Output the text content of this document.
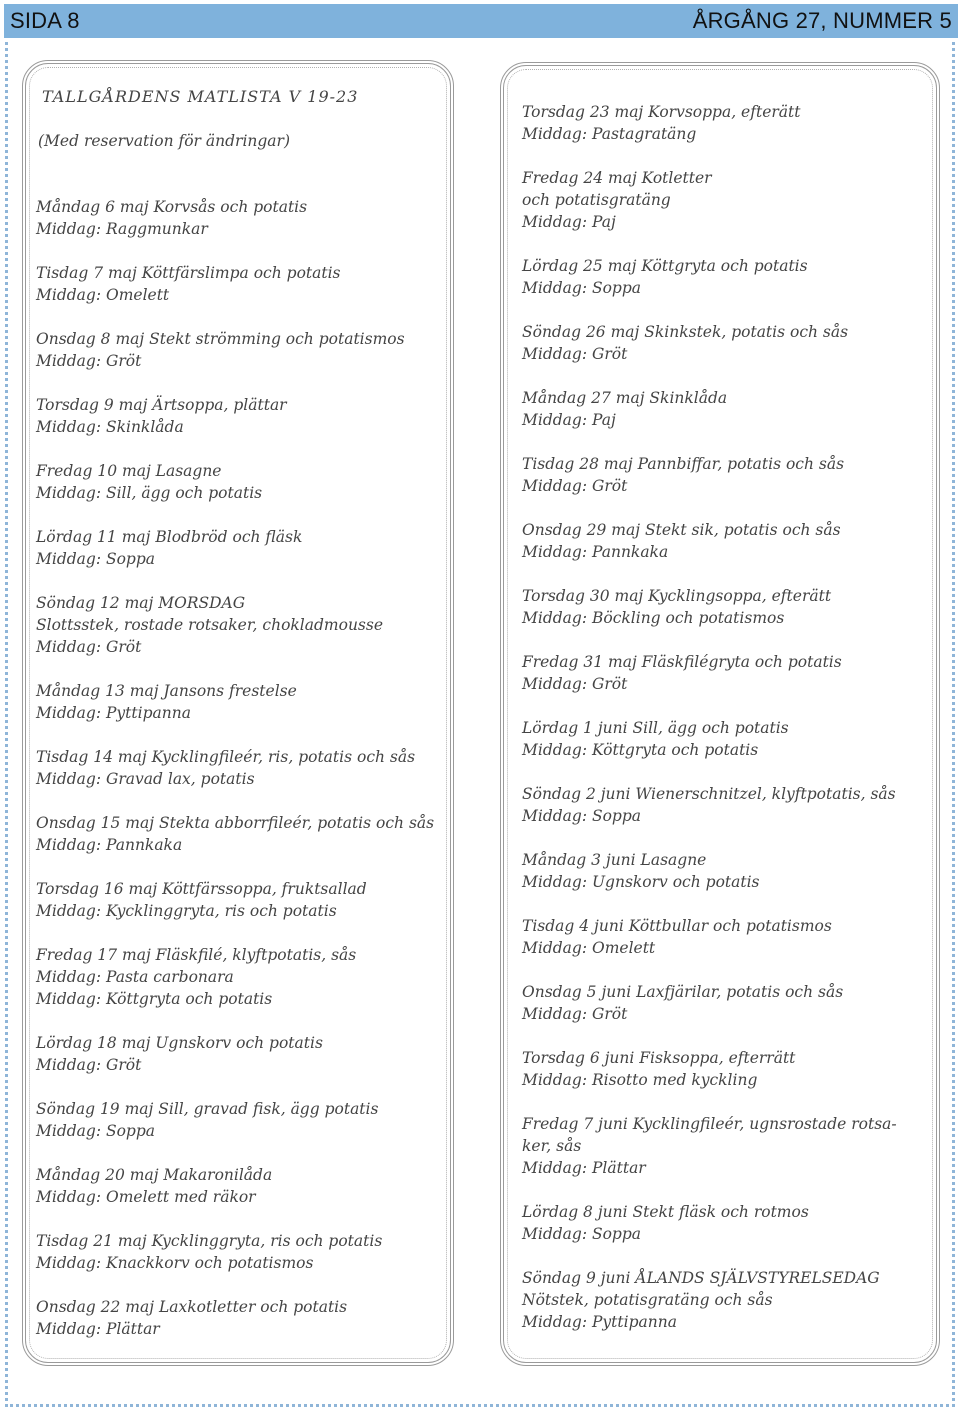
SIDA 8	ÅRGÅNG 27, NUMMER 5
TALLGÅRDENS MATLISTA V 19-23
(Med reservation för ändringar)
Måndag 6 maj Korvsås och potatis
Middag: Raggmunkar
Tisdag 7 maj Köttfärslimpa och potatis
Middag: Omelett
Onsdag 8 maj Stekt strömming och potatismos
Middag: Gröt
Torsdag 9 maj Ärtsoppa, plättar
Middag: Skinklåda
Fredag 10 maj Lasagne
Middag: Sill, ägg och potatis
Lördag 11 maj Blodbröd och fläsk
Middag: Soppa
Söndag 12 maj MORSDAG
Slottsstek, rostade rotsaker, chokladmousse
Middag: Gröt
Måndag 13 maj Jansons frestelse
Middag: Pyttipanna
Tisdag 14 maj Kycklingfileér, ris, potatis och sås
Middag: Gravad lax, potatis
Onsdag 15 maj Stekta abborrfileér, potatis och sås
Middag: Pannkaka
Torsdag 16 maj Köttfärssoppa, fruktsallad
Middag: Kycklinggryta, ris och potatis
Fredag 17 maj Fläskfilé, klyftpotatis, sås
Middag: Pasta carbonara
Middag: Köttgryta och potatis
Lördag 18 maj Ugnskorv och potatis
Middag: Gröt
Söndag 19 maj Sill, gravad fisk, ägg potatis
Middag: Soppa
Måndag 20 maj Makaronilåda
Middag: Omelett med räkor
Tisdag 21 maj Kycklinggryta, ris och potatis
Middag: Knackkorv och potatismos
Onsdag 22 maj Laxkotletter och potatis
Middag: Plättar
Torsdag 23 maj Korvsoppa, efterätt
Middag: Pastagratäng
Fredag 24 maj Kotletter
och potatisgratäng
Middag: Paj
Lördag 25 maj Köttgryta och potatis
Middag: Soppa
Söndag 26 maj Skinkstek, potatis och sås
Middag: Gröt
Måndag 27 maj Skinklåda
Middag: Paj
Tisdag 28 maj Pannbiffar, potatis och sås
Middag: Gröt
Onsdag 29 maj Stekt sik, potatis och sås
Middag: Pannkaka
Torsdag 30 maj Kycklingsoppa, efterätt
Middag: Böckling och potatismos
Fredag 31 maj Fläskfilégryta och potatis
Middag: Gröt
Lördag 1 juni Sill, ägg och potatis
Middag: Köttgryta och potatis
Söndag 2 juni Wienerschnitzel, klyftpotatis, sås
Middag: Soppa
Måndag 3 juni Lasagne
Middag: Ugnskorv och potatis
Tisdag 4 juni Köttbullar och potatismos
Middag: Omelett
Onsdag 5 juni Laxfjärilar, potatis och sås
Middag: Gröt
Torsdag 6 juni Fisksoppa, efterrätt
Middag: Risotto med kyckling
Fredag 7 juni Kycklingfileér, ugnsrostade rotsa-
ker, sås
Middag: Plättar
Lördag 8 juni Stekt fläsk och rotmos
Middag: Soppa
Söndag 9 juni ÅLANDS SJÄLVSTYRELSEDAG
Nötstek, potatisgratäng och sås
Middag: Pyttipanna
